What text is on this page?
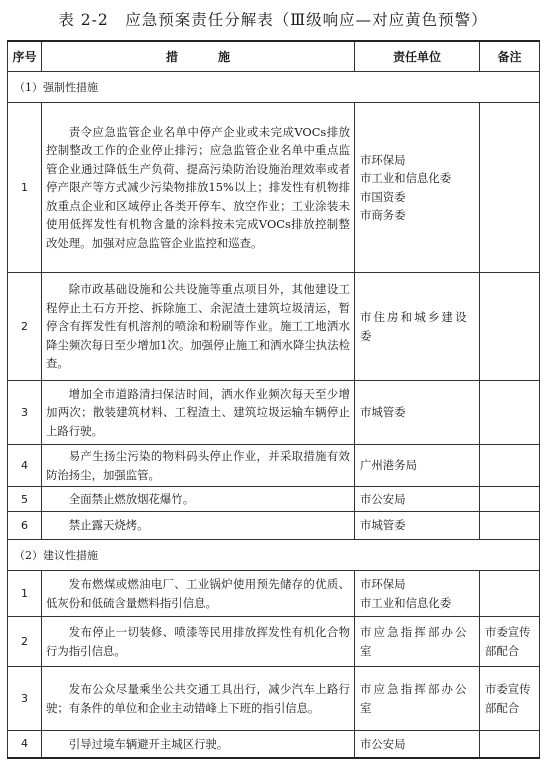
表 2-2　应急预案责任分解表（Ⅲ级响应—对应黄色预警）
序号	措施	责任单位	备注
（1）强制性措施			
1	责令应急监管企业名单中停产企业或未完成VOCs排放控制整改工作的企业停止排污；应急监管企业名单中重点监管企业通过降低生产负荷、提高污染防治设施治理效率或者停产限产等方式减少污染物排放15%以上；排发性有机物排放重点企业和区域停止各类开停车、放空作业；工业涂装未使用低挥发性有机物含量的涂料按未完成VOCs排放控制整改处理。加强对应急监管企业监控和巡查。	市环保局
市工业和信息化委
市国资委
市商务委	

2	除市政基础设施和公共设施等重点项目外，其他建设工程停止土石方开挖、拆除施工、余泥渣土建筑垃圾清运，暂停含有挥发性有机溶剂的喷涂和粉刷等作业。施工工地洒水降尘频次每日至少增加1次。加强停止施工和洒水降尘执法检查。	市住房和城乡建设委	

3	增加全市道路清扫保洁时间，洒水作业频次每天至少增加两次；散装建筑材料、工程渣土、建筑垃圾运输车辆停止上路行驶。	市城管委	

4	易产生扬尘污染的物料码头停止作业，并采取措施有效防治扬尘，加强监管。	广州港务局	

5	全面禁止燃放烟花爆竹。	市公安局	

6	禁止露天烧烤。	市城管委	

（2）建议性措施			
1	发布燃煤或燃油电厂、工业锅炉使用预先储存的优质、低灰份和低硫含量燃料指引信息。	市环保局
市工业和信息化委	

2	发布停止一切装修、喷漆等民用排放挥发性有机化合物行为指引信息。	市应急指挥部办公室	市委宣传
部配合

3	发布公众尽量乘坐公共交通工具出行，减少汽车上路行驶；有条件的单位和企业主动错峰上下班的指引信息。	市应急指挥部办公室	市委宣传
部配合

4	引导过境车辆避开主城区行驶。	市公安局	
